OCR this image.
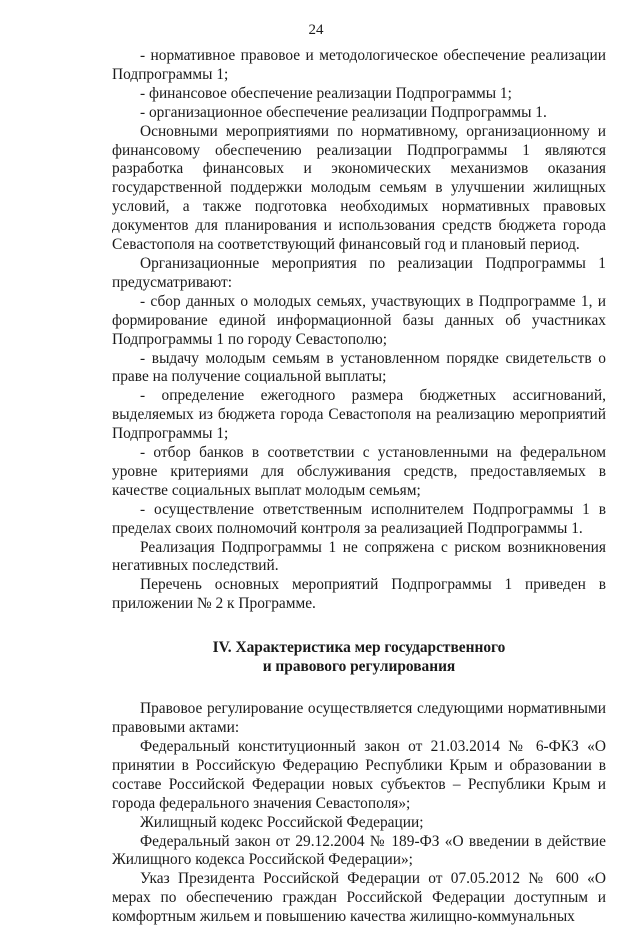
24

- нормативное правовое и методологическое обеспечение реализации Подпрограммы 1;

- финансовое обеспечение реализации Подпрограммы 1;

- организационное обеспечение реализации Подпрограммы 1.

Основными мероприятиями по нормативному, организационному и финансовому обеспечению реализации Подпрограммы 1 являются разработка финансовых и экономических механизмов оказания государственной поддержки молодым семьям в улучшении жилищных условий, а также подготовка необходимых нормативных правовых документов для планирования и использования средств бюджета города Севастополя на соответствующий финансовый год и плановый период.

Организационные мероприятия по реализации Подпрограммы 1 предусматривают:

- сбор данных о молодых семьях, участвующих в Подпрограмме 1, и формирование единой информационной базы данных об участниках Подпрограммы 1 по городу Севастополю;

- выдачу молодым семьям в установленном порядке свидетельств о праве на получение социальной выплаты;

- определение ежегодного размера бюджетных ассигнований, выделяемых из бюджета города Севастополя на реализацию мероприятий Подпрограммы 1;

- отбор банков в соответствии с установленными на федеральном уровне критериями для обслуживания средств, предоставляемых в качестве социальных выплат молодым семьям;

- осуществление ответственным исполнителем Подпрограммы 1 в пределах своих полномочий контроля за реализацией Подпрограммы 1.

Реализация Подпрограммы 1 не сопряжена с риском возникновения негативных последствий.

Перечень основных мероприятий Подпрограммы 1 приведен в приложении № 2 к Программе.

IV. Характеристика мер государственного
и правового регулирования

Правовое регулирование осуществляется следующими нормативными правовыми актами:

Федеральный конституционный закон от 21.03.2014 № 6-ФКЗ «О принятии в Российскую Федерацию Республики Крым и образовании в составе Российской Федерации новых субъектов – Республики Крым и города федерального значения Севастополя»;

Жилищный кодекс Российской Федерации;

Федеральный закон от 29.12.2004 № 189-ФЗ «О введении в действие Жилищного кодекса Российской Федерации»;

Указ Президента Российской Федерации от 07.05.2012 № 600 «О мерах по обеспечению граждан Российской Федерации доступным и комфортным жильем и повышению качества жилищно-коммунальных
